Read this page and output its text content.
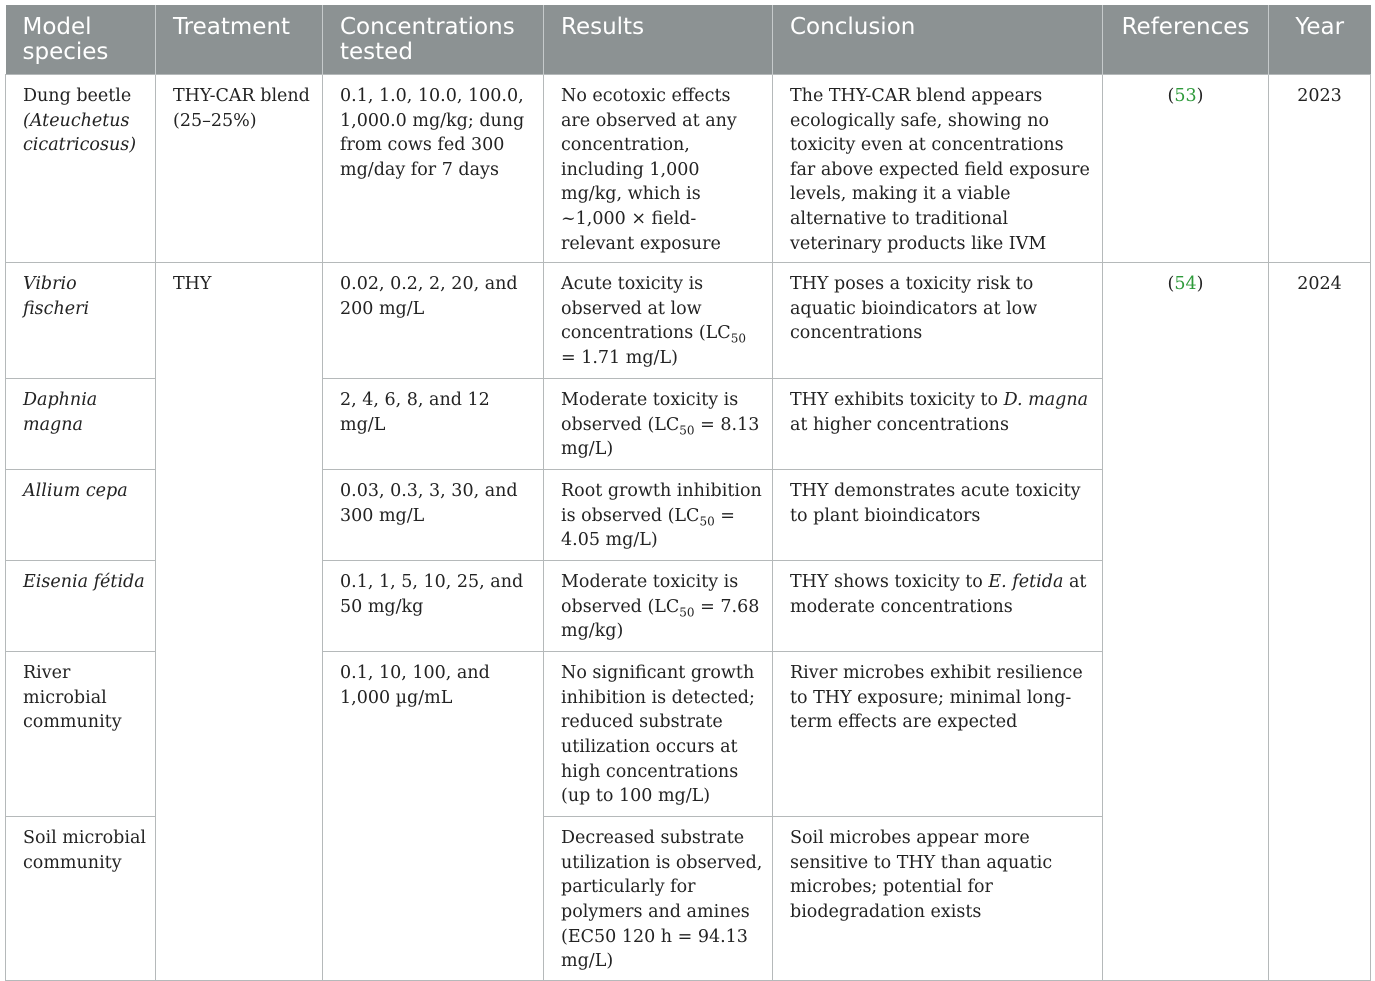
Model species	Treatment	Concentrations tested	Results	Conclusion	References	Year
Dung beetle (Ateuchetus cicatricosus)	THY-CAR blend (25–25%)	0.1, 1.0, 10.0, 100.0, 1,000.0 mg/kg; dung from cows fed 300 mg/day for 7 days	No ecotoxic effects are observed at any concentration, including 1,000 mg/kg, which is ~1,000 × field-relevant exposure	The THY-CAR blend appears ecologically safe, showing no toxicity even at concentrations far above expected field exposure levels, making it a viable alternative to traditional veterinary products like IVM	(53)	2023
Vibrio fischeri	THY	0.02, 0.2, 2, 20, and 200 mg/L	Acute toxicity is observed at low concentrations ($LC_{50} = 1.71$ mg/L)	THY poses a toxicity risk to aquatic bioindicators at low concentrations	(54)	2024
Daphnia magna		2, 4, 6, 8, and 12 mg/L	Moderate toxicity is observed ($LC_{50} = 8.13$ mg/L)	THY exhibits toxicity to D. magna at higher concentrations		
Allium cepa		0.03, 0.3, 3, 30, and 300 mg/L	Root growth inhibition is observed ($LC_{50} = 4.05$ mg/L)	THY demonstrates acute toxicity to plant bioindicators		
Eisenia fétida		0.1, 1, 5, 10, 25, and 50 mg/kg	Moderate toxicity is observed ($LC_{50} = 7.68$ mg/kg)	THY shows toxicity to E. fetida at moderate concentrations		
River microbial community		0.1, 10, 100, and 1,000 µg/mL	No significant growth inhibition is detected; reduced substrate utilization occurs at high concentrations (up to 100 mg/L)	River microbes exhibit resilience to THY exposure; minimal long-term effects are expected		
Soil microbial community			Decreased substrate utilization is observed, particularly for polymers and amines (EC50 120 h = 94.13 mg/L)	Soil microbes appear more sensitive to THY than aquatic microbes; potential for biodegradation exists		
